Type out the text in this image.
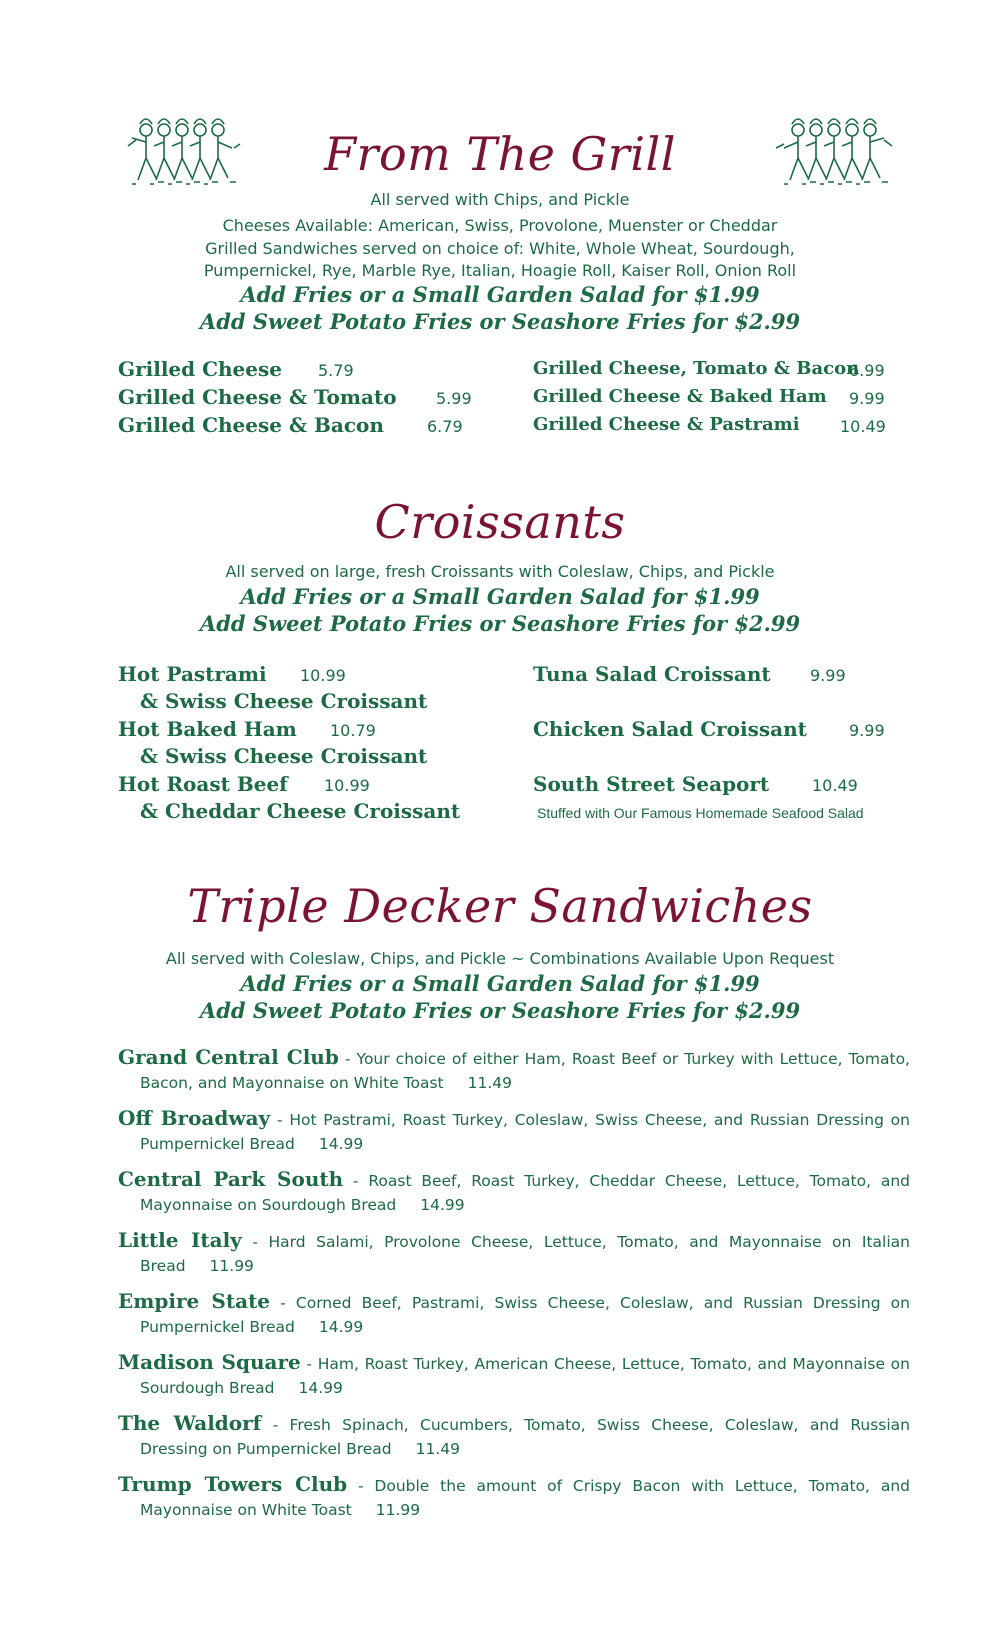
From The Grill
All served with Chips, and Pickle
Cheeses Available: American, Swiss, Provolone, Muenster or Cheddar
Grilled Sandwiches served on choice of: White, Whole Wheat, Sourdough,
Pumpernickel, Rye, Marble Rye, Italian, Hoagie Roll, Kaiser Roll, Onion Roll
Add Fries or a Small Garden Salad for $1.99
Add Sweet Potato Fries or Seashore Fries for $2.99
Grilled Cheese 5.79
Grilled Cheese & Tomato 5.99
Grilled Cheese & Bacon	6.79
Grilled Cheese, Tomato & Bacon
6.99
Grilled Cheese & Baked Ham 9.99
Grilled Cheese & Pastrami	10.49
Croissants
All served on large, fresh Croissants with Coleslaw, Chips, and Pickle
Add Fries or a Small Garden Salad for $1.99
Add Sweet Potato Fries or Seashore Fries for $2.99
Hot Pastrami 10.99
& Swiss Cheese Croissant
Hot Baked Ham 10.79
& Swiss Cheese Croissant
Hot Roast Beef 10.99
& Cheddar Cheese Croissant
Tuna Salad Croissant 9.99
Chicken Salad Croissant	9.99
South Street Seaport	10.49
Stuffed with Our Famous Homemade Seafood Salad
Triple Decker Sandwiches
All served with Coleslaw, Chips, and Pickle ~ Combinations Available Upon Request
Add Fries or a Small Garden Salad for $1.99
Add Sweet Potato Fries or Seashore Fries for $2.99
Grand Central Club - Your choice of either Ham, Roast Beef or Turkey with Lettuce, Tomato, Bacon, and Mayonnaise on White Toast 11.49
Off Broadway - Hot Pastrami, Roast Turkey, Coleslaw, Swiss Cheese, and Russian Dressing on Pumpernickel Bread 14.99
Central Park South - Roast Beef, Roast Turkey, Cheddar Cheese, Lettuce, Tomato, and Mayonnaise on Sourdough Bread 14.99
Little Italy - Hard Salami, Provolone Cheese, Lettuce, Tomato, and Mayonnaise on Italian Bread 11.99
Empire State - Corned Beef, Pastrami, Swiss Cheese, Coleslaw, and Russian Dressing on Pumpernickel Bread 14.99
Madison Square - Ham, Roast Turkey, American Cheese, Lettuce, Tomato, and Mayonnaise on Sourdough Bread 14.99
The Waldorf - Fresh Spinach, Cucumbers, Tomato, Swiss Cheese, Coleslaw, and Russian Dressing on Pumpernickel Bread 11.49
Trump Towers Club - Double the amount of Crispy Bacon with Lettuce, Tomato, and Mayonnaise on White Toast 11.99
